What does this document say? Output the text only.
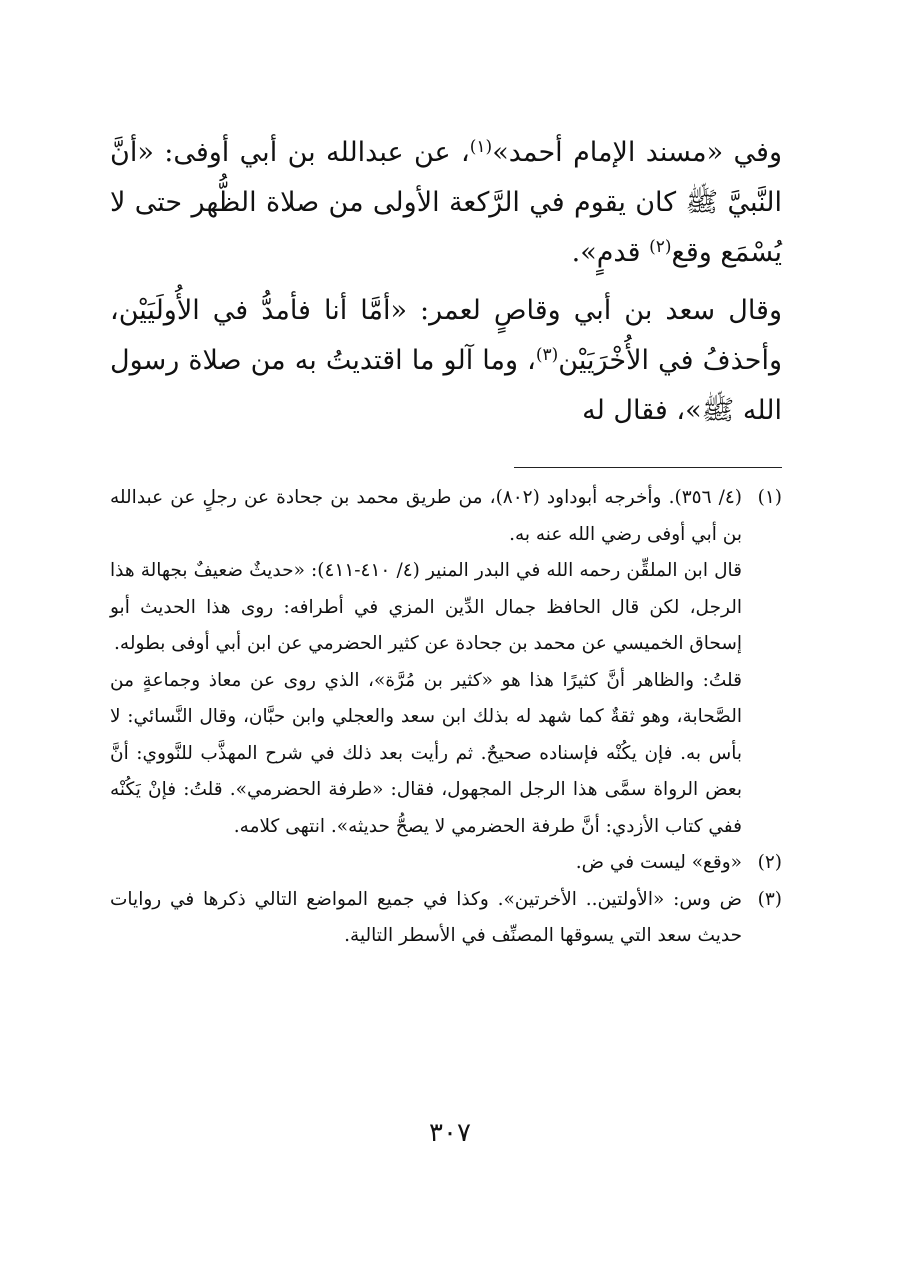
وفي «مسند الإمام أحمد»$^{(١)}$، عن عبدالله بن أبي أوفى: «أنَّ النَّبيَّ ﷺ كان يقوم في الرَّكعة الأولى من صلاة الظُّهر حتى لا يُسْمَع وقع$^{(٢)}$ قدمٍ».

وقال سعد بن أبي وقاصٍ لعمر: «أمَّا أنا فأمدُّ في الأُولَيَيْن، وأحذفُ في الأُخْرَيَيْن$^{(٣)}$، وما آلو ما اقتديتُ به من صلاة رسول الله ﷺ»، فقال له

(١)

(٤/ ٣٥٦). وأخرجه أبوداود (٨٠٢)، من طريق محمد بن جحادة عن رجلٍ عن عبدالله بن أبي أوفى رضي الله عنه به.

قال ابن الملقِّن رحمه الله في البدر المنير (٤/ ٤١٠-٤١١): «حديثٌ ضعيفٌ بجهالة هذا الرجل، لكن قال الحافظ جمال الدِّين المزي في أطرافه: روى هذا الحديث أبو إسحاق الخميسي عن محمد بن جحادة عن كثير الحضرمي عن ابن أبي أوفى بطوله.

قلتُ: والظاهر أنَّ كثيرًا هذا هو «كثير بن مُرَّة»، الذي روى عن معاذ وجماعةٍ من الصَّحابة، وهو ثقةٌ كما شهد له بذلك ابن سعد والعجلي وابن حبَّان، وقال النَّسائي: لا بأس به. فإن يكُنْه فإسناده صحيحٌ. ثم رأيت بعد ذلك في شرح المهذَّب للنَّووي: أنَّ بعض الرواة سمَّى هذا الرجل المجهول، فقال: «طرفة الحضرمي». قلتُ: فإنْ يَكُنْه ففي كتاب الأزدي: أنَّ طرفة الحضرمي لا يصحُّ حديثه». انتهى كلامه.

(٢)

«وقع» ليست في ض.

(٣)

ض وس: «الأولتين.. الأخرتين». وكذا في جميع المواضع التالي ذكرها في روايات حديث سعد التي يسوقها المصنِّف في الأسطر التالية.

٣٠٧
